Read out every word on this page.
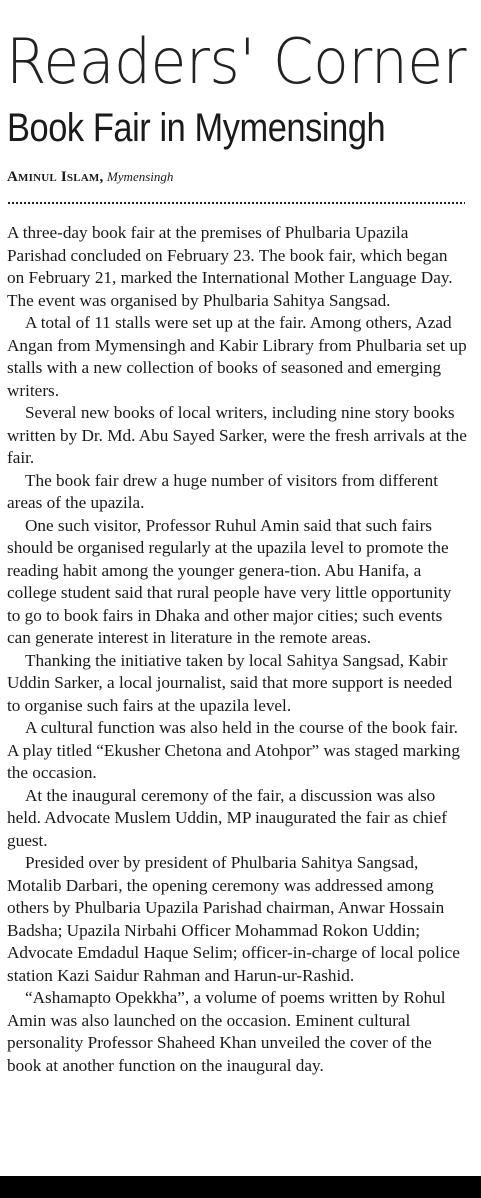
Readers' Corner
Book Fair in Mymensingh
Aminul Islam, Mymensingh

A three-day book fair at the premises of Phulbaria Upazila Parishad concluded on February 23. The book fair, which began on February 21, marked the International Mother Language Day. The event was organised by Phulbaria Sahitya Sangsad.

A total of 11 stalls were set up at the fair. Among others, Azad Angan from Mymensingh and Kabir Library from Phulbaria set up stalls with a new collection of books of seasoned and emerging writers.

Several new books of local writers, including nine story books written by Dr. Md. Abu Sayed Sarker, were the fresh arrivals at the fair.

The book fair drew a huge number of visitors from different areas of the upazila.

One such visitor, Professor Ruhul Amin said that such fairs should be organised regularly at the upazila level to promote the reading habit among the younger genera-tion. Abu Hanifa, a college student said that rural people have very little opportunity to go to book fairs in Dhaka and other major cities; such events can generate interest in literature in the remote areas.

Thanking the initiative taken by local Sahitya Sangsad, Kabir Uddin Sarker, a local journalist, said that more support is needed to organise such fairs at the upazila level.

A cultural function was also held in the course of the book fair. A play titled “Ekusher Chetona and Atohpor” was staged marking the occasion.

At the inaugural ceremony of the fair, a discussion was also held. Advocate Muslem Uddin, MP inaugurated the fair as chief guest.

Presided over by president of Phulbaria Sahitya Sangsad, Motalib Darbari, the opening ceremony was addressed among others by Phulbaria Upazila Parishad chairman, Anwar Hossain Badsha; Upazila Nirbahi Officer Mohammad Rokon Uddin; Advocate Emdadul Haque Selim; officer-in-charge of local police station Kazi Saidur Rahman and Harun-ur-Rashid.

“Ashamapto Opekkha”, a volume of poems written by Rohul Amin was also launched on the occasion. Eminent cultural personality Professor Shaheed Khan unveiled the cover of the book at another function on the inaugural day.
